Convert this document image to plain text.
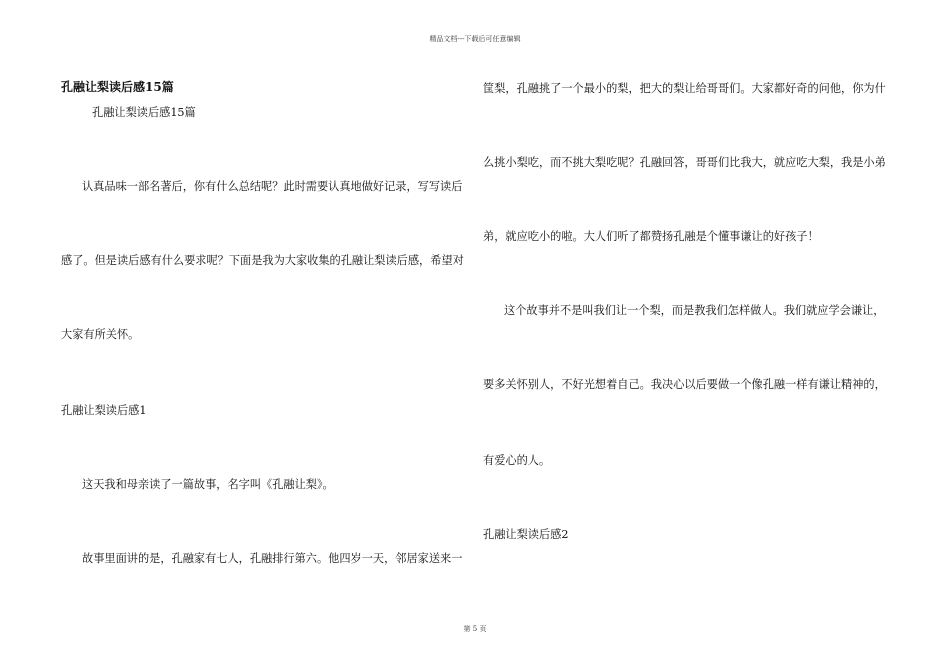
精品文档---下载后可任意编辑
孔融让梨读后感15篇
孔融让梨读后感15篇
认真品味一部名著后，你有什么总结呢？此时需要认真地做好记录，写写读后
感了。但是读后感有什么要求呢？下面是我为大家收集的孔融让梨读后感，希望对
大家有所关怀。
孔融让梨读后感1
这天我和母亲读了一篇故事，名字叫《孔融让梨》。
故事里面讲的是，孔融家有七人，孔融排行第六。他四岁一天，邻居家送来一
筐梨，孔融挑了一个最小的梨，把大的梨让给哥哥们。大家都好奇的问他，你为什
么挑小梨吃，而不挑大梨吃呢？孔融回答，哥哥们比我大，就应吃大梨，我是小弟
弟，就应吃小的啦。大人们听了都赞扬孔融是个懂事谦让的好孩子！
这个故事并不是叫我们让一个梨，而是教我们怎样做人。我们就应学会谦让，
要多关怀别人，不好光想着自己。我决心以后要做一个像孔融一样有谦让精神的，
有爱心的人。
孔融让梨读后感2
第 5 页
